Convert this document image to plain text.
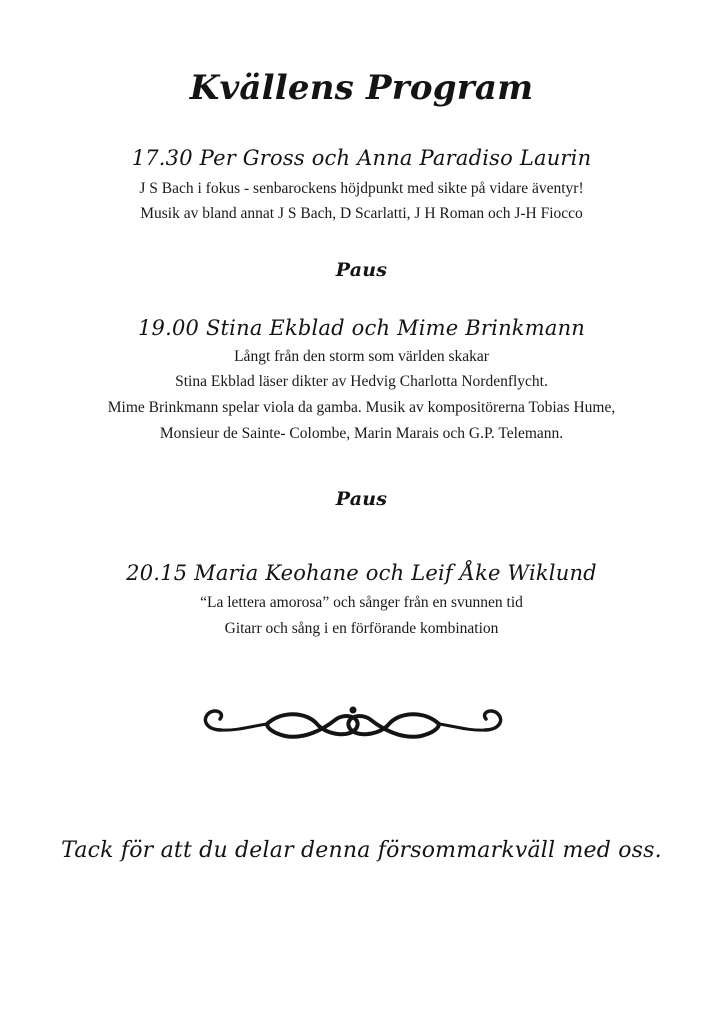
Kvällens Program
17.30 Per Gross och Anna Paradiso Laurin
J S Bach i fokus - senbarockens höjdpunkt med sikte på vidare äventyr!
Musik av bland annat J S Bach, D Scarlatti, J H Roman och J-H Fiocco
Paus
19.00 Stina Ekblad och Mime Brinkmann
Långt från den storm som världen skakar
Stina Ekblad läser dikter av Hedvig Charlotta Nordenflycht.
Mime Brinkmann spelar viola da gamba. Musik av kompositörerna Tobias Hume,
Monsieur de Sainte- Colombe, Marin Marais och G.P. Telemann.
Paus
20.15 Maria Keohane och Leif Åke Wiklund
“La lettera amorosa” och sånger från en svunnen tid
Gitarr och sång i en förförande kombination
Tack för att du delar denna försommarkväll med oss.
